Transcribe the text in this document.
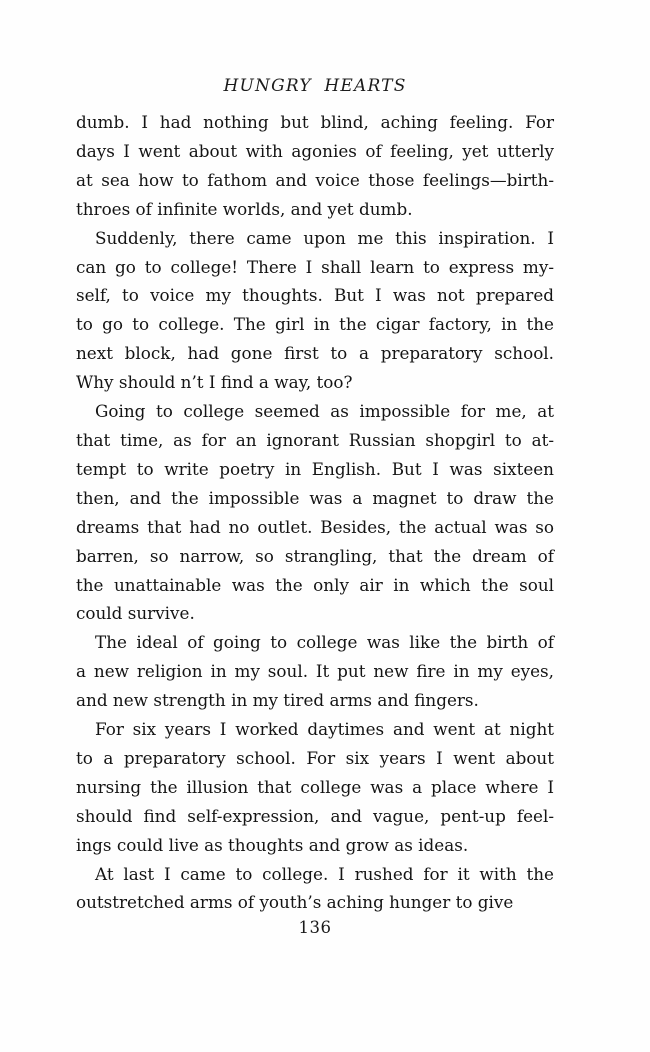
HUNGRY HEARTS
dumb. I had nothing but blind, aching feeling. For
days I went about with agonies of feeling, yet utterly
at sea how to fathom and voice those feelings—birth-
throes of infinite worlds, and yet dumb.
Suddenly, there came upon me this inspiration. I
can go to college! There I shall learn to express my-
self, to voice my thoughts. But I was not prepared
to go to college. The girl in the cigar factory, in the
next block, had gone first to a preparatory school.
Why should n’t I find a way, too?
Going to college seemed as impossible for me, at
that time, as for an ignorant Russian shopgirl to at-
tempt to write poetry in English. But I was sixteen
then, and the impossible was a magnet to draw the
dreams that had no outlet. Besides, the actual was so
barren, so narrow, so strangling, that the dream of
the unattainable was the only air in which the soul
could survive.
The ideal of going to college was like the birth of
a new religion in my soul. It put new fire in my eyes,
and new strength in my tired arms and fingers.
For six years I worked daytimes and went at night
to a preparatory school. For six years I went about
nursing the illusion that college was a place where I
should find self-expression, and vague, pent-up feel-
ings could live as thoughts and grow as ideas.
At last I came to college. I rushed for it with the
outstretched arms of youth’s aching hunger to give
136
